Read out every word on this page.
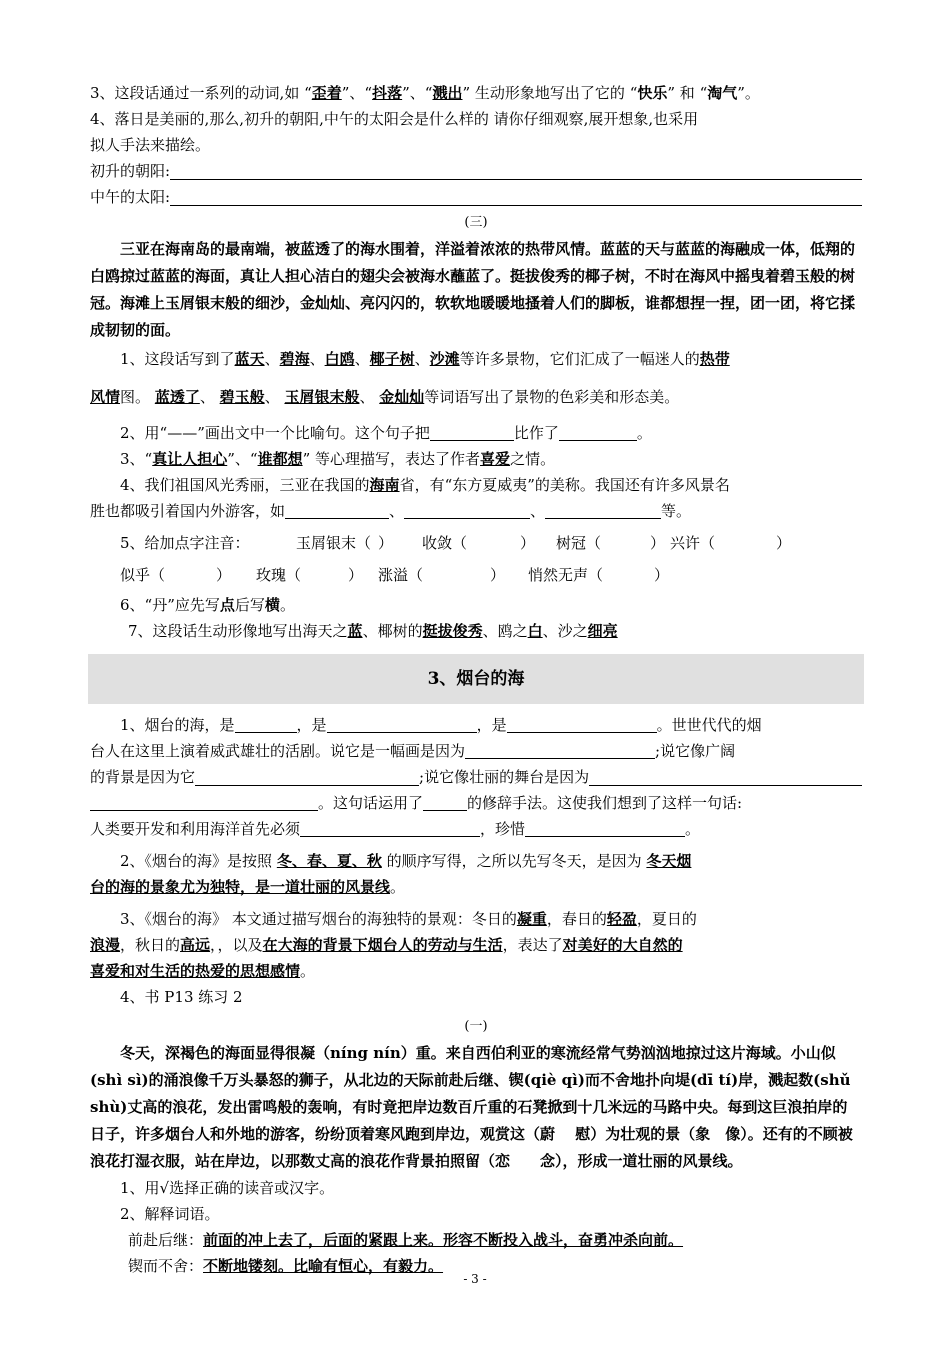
3、这段话通过一系列的动词,如 “歪着”、“抖落”、“溅出” 生动形象地写出了它的 “快乐” 和 “淘气”。
4、落日是美丽的,那么,初升的朝阳,中午的太阳会是什么样的 请你仔细观察,展开想象,也采用
拟人手法来描绘。
初升的朝阳:
中午的太阳:
(三)
三亚在海南岛的最南端，被蓝透了的海水围着，洋溢着浓浓的热带风情。蓝蓝的天与蓝蓝的海融成一体，低翔的白鸥掠过蓝蓝的海面，真让人担心洁白的翅尖会被海水蘸蓝了。挺拔俊秀的椰子树，不时在海风中摇曳着碧玉般的树冠。海滩上玉屑银末般的细沙，金灿灿、亮闪闪的，软软地暖暖地搔着人们的脚板，谁都想捏一捏，团一团，将它揉成韧韧的面。
1、这段话写到了蓝天、碧海、白鸥、椰子树、沙滩等许多景物，它们汇成了一幅迷人的热带
风情图。 蓝透了、 碧玉般、 玉屑银末般、 金灿灿等词语写出了景物的色彩美和形态美。
2、用“——”画出文中一个比喻句。这个句子把	比作了	。
3、“真让人担心”、“谁都想” 等心理描写，表达了作者喜爱之情。
4、我们祖国风光秀丽，三亚在我国的海南省，有“东方夏威夷”的美称。我国还有许多风景名
胜也都吸引着国内外游客，如	、	、	等。
5、给加点字注音：	玉屑银末（ ） 收敛（	） 树冠（	） 兴许（	）
似乎（	） 玫瑰（	） 涨溢（	） 悄然无声（	）
6、“丹”应先写点后写横。
7、这段话生动形像地写出海天之蓝、椰树的挺拔俊秀、鸥之白、沙之细亮
3、烟台的海
1、烟台的海，是	，是	，是	。世世代代的烟
台人在这里上演着威武雄壮的活剧。说它是一幅画是因为	;说它像广阔
的背景是因为它	;说它像壮丽的舞台是因为
。这句话运用了	的修辞手法。这使我们想到了这样一句话:
人类要开发和利用海洋首先必须	，珍惜	。
2、《烟台的海》是按照 冬、春、夏、秋 的顺序写得，之所以先写冬天，是因为 冬天烟
台的海的景象尤为独特，是一道壮丽的风景线。
3、《烟台的海》 本文通过描写烟台的海独特的景观：冬日的凝重，春日的轻盈，夏日的
浪漫，秋日的高远，，以及在大海的背景下烟台人的劳动与生活，表达了对美好的大自然的
喜爱和对生活的热爱的思想感情。
4、书 P13 练习 2
(一)
冬天，深褐色的海面显得很凝（níng nín）重。来自西伯利亚的寒流经常气势汹汹地掠过这片海域。小山似(shì sì)的涌浪像千万头暴怒的狮子，从北边的天际前赴后继、锲(qiè qì)而不舍地扑向堤(dī tí)岸，溅起数(shǔ shù)丈高的浪花，发出雷鸣般的轰响，有时竟把岸边数百斤重的石凳掀到十几米远的马路中央。每到这巨浪拍岸的日子，许多烟台人和外地的游客，纷纷顶着寒风跑到岸边，观赏这（蔚　 慰）为壮观的景（象　像）。还有的不顾被浪花打湿衣服，站在岸边，以那数丈高的浪花作背景拍照留（恋　　念），形成一道壮丽的风景线。
1、用√选择正确的读音或汉字。
2、解释词语。
前赴后继：前面的冲上去了，后面的紧跟上来。形容不断投入战斗，奋勇冲杀向前。
锲而不舍：不断地镂刻。比喻有恒心，有毅力。
- 3 -
